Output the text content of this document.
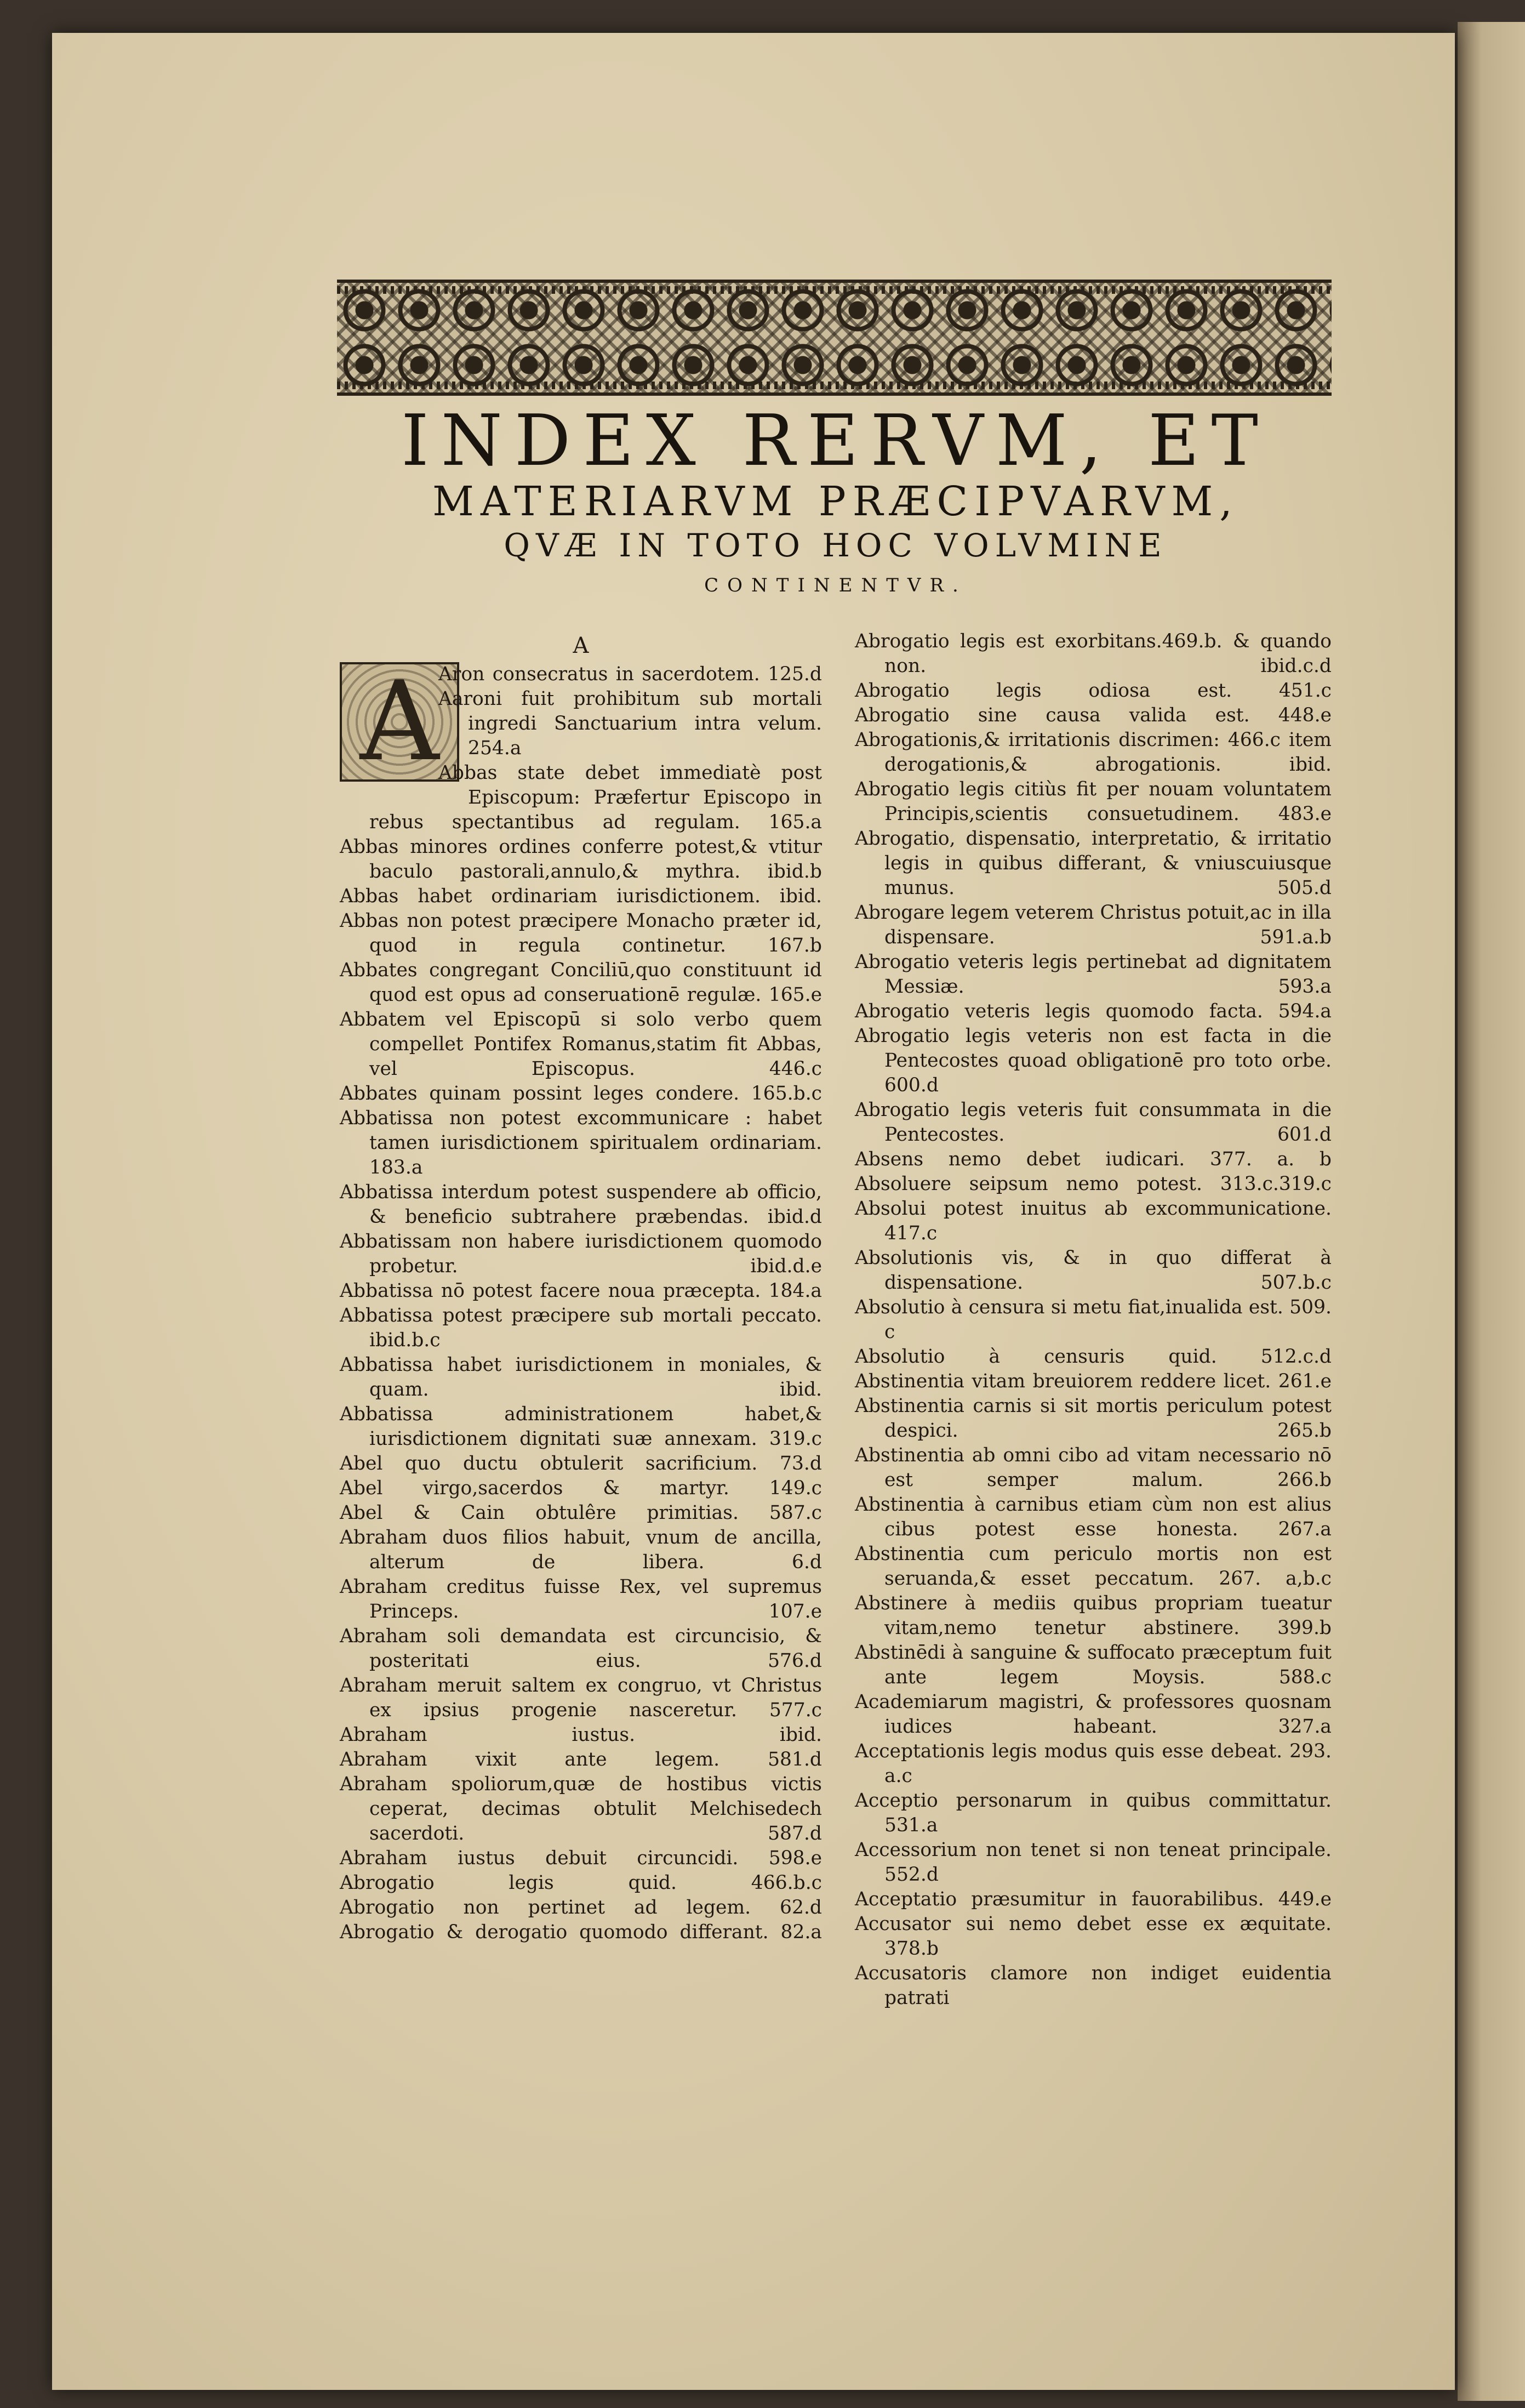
INDEX RERVM, ET
MATERIARVM PRÆCIPVARVM,
QVÆ IN TOTO HOC VOLVMINE
CONTINENTVR.
A
A

Aron consecratus in sacerdotem. 125.d

Aaroni fuit prohibitum sub mortali ingredi Sanctuarium intra velum. 254.a

Abbas statе debet immediatè post Episcopum: Præfertur Episcopo in rebus spectantibus ad regulam. 165.a

Abbas minores ordines conferre potest,& vtitur baculo pastorali,annulo,& mythra. ibid.b

Abbas habet ordinariam iurisdictionem. ibid.

Abbas non potest præcipere Monacho præter id, quod in regula continetur. 167.b

Abbates congregant Conciliū,quo constituunt id quod est opus ad conseruationē regulæ. 165.e

Abbatem vel Episcopū si solo verbo quem compellet Pontifex Romanus,statim fit Abbas, vel Episcopus. 446.c

Abbates quinam possint leges condere. 165.b.c

Abbatissa non potest excommunicare : habet tamen iurisdictionem spiritualem ordinariam. 183.a

Abbatissa interdum potest suspendere ab officio, & beneficio subtrahere præbendas. ibid.d

Abbatissam non habere iurisdictionem quomodo probetur. ibid.d.e

Abbatissa nō potest facere noua præcepta. 184.a

Abbatissa potest præcipere sub mortali peccato. ibid.b.c

Abbatissa habet iurisdictionem in moniales, & quam. ibid.

Abbatissa administrationem habet,& iurisdictionem dignitati suæ annexam. 319.c

Abel quo ductu obtulerit sacrificium. 73.d

Abel virgo,sacerdos & martyr. 149.c

Abel & Cain obtulêre primitias. 587.c

Abraham duos filios habuit, vnum de ancilla, alterum de libera. 6.d

Abraham creditus fuisse Rex, vel supremus Princeps. 107.e

Abraham soli demandata est circuncisio, & posteritati eius. 576.d

Abraham meruit saltem ex congruo, vt Christus ex ipsius progenie nasceretur. 577.c

Abraham iustus. ibid.

Abraham vixit ante legem. 581.d

Abraham spoliorum,quæ de hostibus victis ceperat, decimas obtulit Melchisedech sacerdoti. 587.d

Abraham iustus debuit circuncidi. 598.e

Abrogatio legis quid. 466.b.c

Abrogatio non pertinet ad legem. 62.d

Abrogatio & derogatio quomodo differant. 82.a

Abrogatio legis est exorbitans.469.b. & quando non. ibid.c.d

Abrogatio legis odiosa est. 451.c

Abrogatio sine causa valida est. 448.e

Abrogationis,& irritationis discrimen: 466.c item derogationis,& abrogationis. ibid.

Abrogatio legis citiùs fit per nouam voluntatem Principis,scientis consuetudinem. 483.e

Abrogatio, dispensatio, interpretatio, & irritatio legis in quibus differant, & vniuscuiusque munus. 505.d

Abrogare legem veterem Christus potuit,ac in illa dispensare. 591.a.b

Abrogatio veteris legis pertinebat ad dignitatem Messiæ. 593.a

Abrogatio veteris legis quomodo facta. 594.a

Abrogatio legis veteris non est facta in die Pentecostes quoad obligationē pro toto orbe. 600.d

Abrogatio legis veteris fuit consummata in die Pentecostes. 601.d

Absens nemo debet iudicari. 377. a. b

Absoluere seipsum nemo potest. 313.c.319.c

Absolui potest inuitus ab excommunicatione. 417.c

Absolutionis vis, & in quo differat à dispensatione. 507.b.c

Absolutio à censura si metu fiat,inualida est. 509. c

Absolutio à censuris quid. 512.c.d

Abstinentia vitam breuiorem reddere licet. 261.e

Abstinentia carnis si sit mortis periculum potest despici. 265.b

Abstinentia ab omni cibo ad vitam necessario nō est semper malum. 266.b

Abstinentia à carnibus etiam cùm non est alius cibus potest esse honesta. 267.a

Abstinentia cum periculo mortis non est seruanda,& esset peccatum. 267. a,b.c

Abstinere à mediis quibus propriam tueatur vitam,nemo tenetur abstinere. 399.b

Abstinēdi à sanguine & suffocato præceptum fuit ante legem Moysis. 588.c

Academiarum magistri, & professores quosnam iudices habeant. 327.a

Acceptationis legis modus quis esse debeat. 293. a.c

Acceptio personarum in quibus committatur. 531.a

Accessorium non tenet si non teneat principale. 552.d

Acceptatio præsumitur in fauorabilibus. 449.e

Accusator sui nemo debet esse ex æquitate. 378.b

Accusatoris clamore non indiget euidentia patrati
